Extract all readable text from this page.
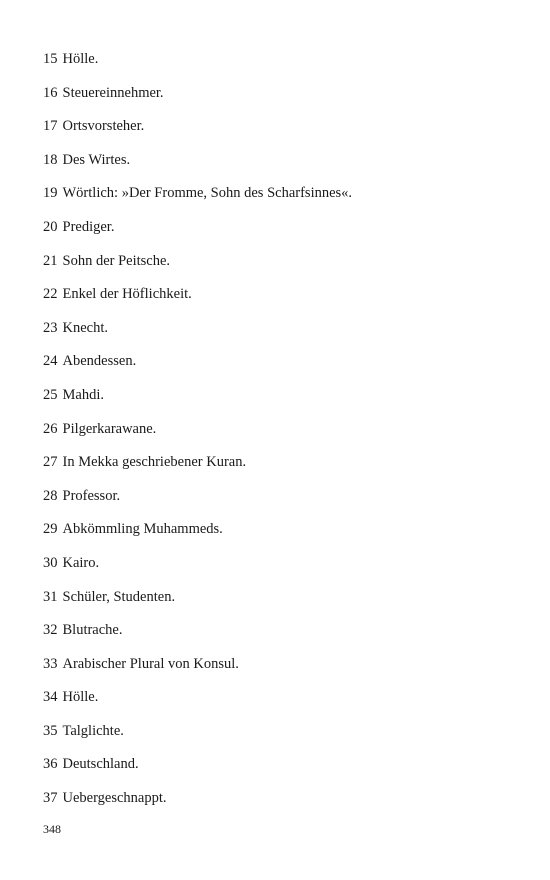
15 Hölle.
16 Steuereinnehmer.
17 Ortsvorsteher.
18 Des Wirtes.
19 Wörtlich: »Der Fromme, Sohn des Scharfsinnes«.
20 Prediger.
21 Sohn der Peitsche.
22 Enkel der Höflichkeit.
23 Knecht.
24 Abendessen.
25 Mahdi.
26 Pilgerkarawane.
27 In Mekka geschriebener Kuran.
28 Professor.
29 Abkömmling Muhammeds.
30 Kairo.
31 Schüler, Studenten.
32 Blutrache.
33 Arabischer Plural von Konsul.
34 Hölle.
35 Talglichte.
36 Deutschland.
37 Uebergeschnappt.
348
